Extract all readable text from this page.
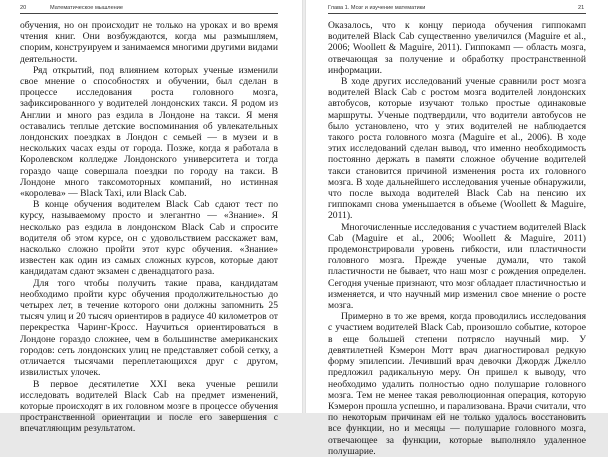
20	Математическое мышление

обучения, но он происходит не только на уроках и во время чтения книг. Они возбуждаются, когда мы размышляем, спорим, конструируем и занимаемся многими другими видами деятельности.

Ряд открытий, под влиянием которых ученые изменили свое мнение о способностях и обучении, был сделан в процессе исследования роста головного мозга, зафиксированного у водителей лондонских такси. Я родом из Англии и много раз ездила в Лондоне на такси. Я меня оставались теплые детские воспоминания об увлекательных лондонских поездках в Лондон с семьей — в музеи и в нескольких часах езды от города. Позже, когда я работала в Королевском колледже Лондонского университета и тогда гораздо чаще совершала поездки по городу на такси. В Лондоне много таксомоторных компаний, но истинная «королева» — Black Taxi, или Black Cab.

В конце обучения водителем Black Cab сдают тест по курсу, называемому просто и элегантно — «Знание». Я несколько раз ездила в лондонском Black Cab и спросите водителя об этом курсе, он с удовольствием расскажет вам, насколько сложно пройти этот курс обучения. «Знание» известен как один из самых сложных курсов, которые дают кандидатам сдают экзамен с двенадцатого раза.

Для того чтобы получить такие права, кандидатам необходимо пройти курс обучения продолжительностью до четырех лет, в течение которого они должны запомнить 25 тысяч улиц и 20 тысяч ориентиров в радиусе 40 километров от перекрестка Чаринг-Кросс. Научиться ориентироваться в Лондоне гораздо сложнее, чем в большинстве американских городов: сеть лондонских улиц не представляет собой сетку, а отличается тысячами переплетающихся друг с другом, извилистых улочек.

В первое десятилетие XXI века ученые решили исследовать водителей Black Cab на предмет изменений, которые происходят в их головном мозге в процессе обучения пространственной ориентации и после его завершения с впечатляющим результатом.

Глава 1. Мозг и изучение математики	21

Оказалось, что к концу периода обучения гиппокамп водителей Black Cab существенно увеличился (Maguire et al., 2006; Woollett & Maguire, 2011). Гиппокамп — область мозга, отвечающая за получение и обработку пространственной информации.

В ходе других исследований ученые сравнили рост мозга водителей Black Cab с ростом мозга водителей лондонских автобусов, которые изучают только простые одинаковые маршруты. Ученые подтвердили, что водители автобусов не было установлено, что у этих водителей не наблюдается такого роста головного мозга (Maguire et al., 2006). В ходе этих исследований сделан вывод, что именно необходимость постоянно держать в памяти сложное обучение водителей такси становится причиной изменения роста их головного мозга. В ходе дальнейшего исследования ученые обнаружили, что после выхода водителей Black Cab на пенсию их гиппокамп снова уменьшается в объеме (Woollett & Maguire, 2011).

Многочисленные исследования с участием водителей Black Cab (Maguire et al., 2006; Woollett & Maguire, 2011) продемонстрировали уровень гибкости, или пластичности головного мозга. Прежде ученые думали, что такой пластичности не бывает, что наш мозг с рождения определен. Сегодня ученые признают, что мозг обладает пластичностью и изменяется, и что научный мир изменил свое мнение о росте мозга.

Примерно в то же время, когда проводились исследования с участием водителей Black Cab, произошло событие, которое в еще большей степени потрясло научный мир. У девятилетней Кэмерон Мотт врач диагностировал редкую форму эпилепсии. Лечивший врач девочки Джордж Джелло предложил радикальную меру. Он пришел к выводу, что необходимо удалить полностью одно полушарие головного мозга. Тем не менее такая революционная операция, которую Кэмерон прошла успешно, и парализована. Врачи считали, что по некоторым причинам ей не только удалось восстановить все функции, но и месяцы — полушарие головного мозга, отвечающее за функции, которые выполняло удаленное полушарие.
